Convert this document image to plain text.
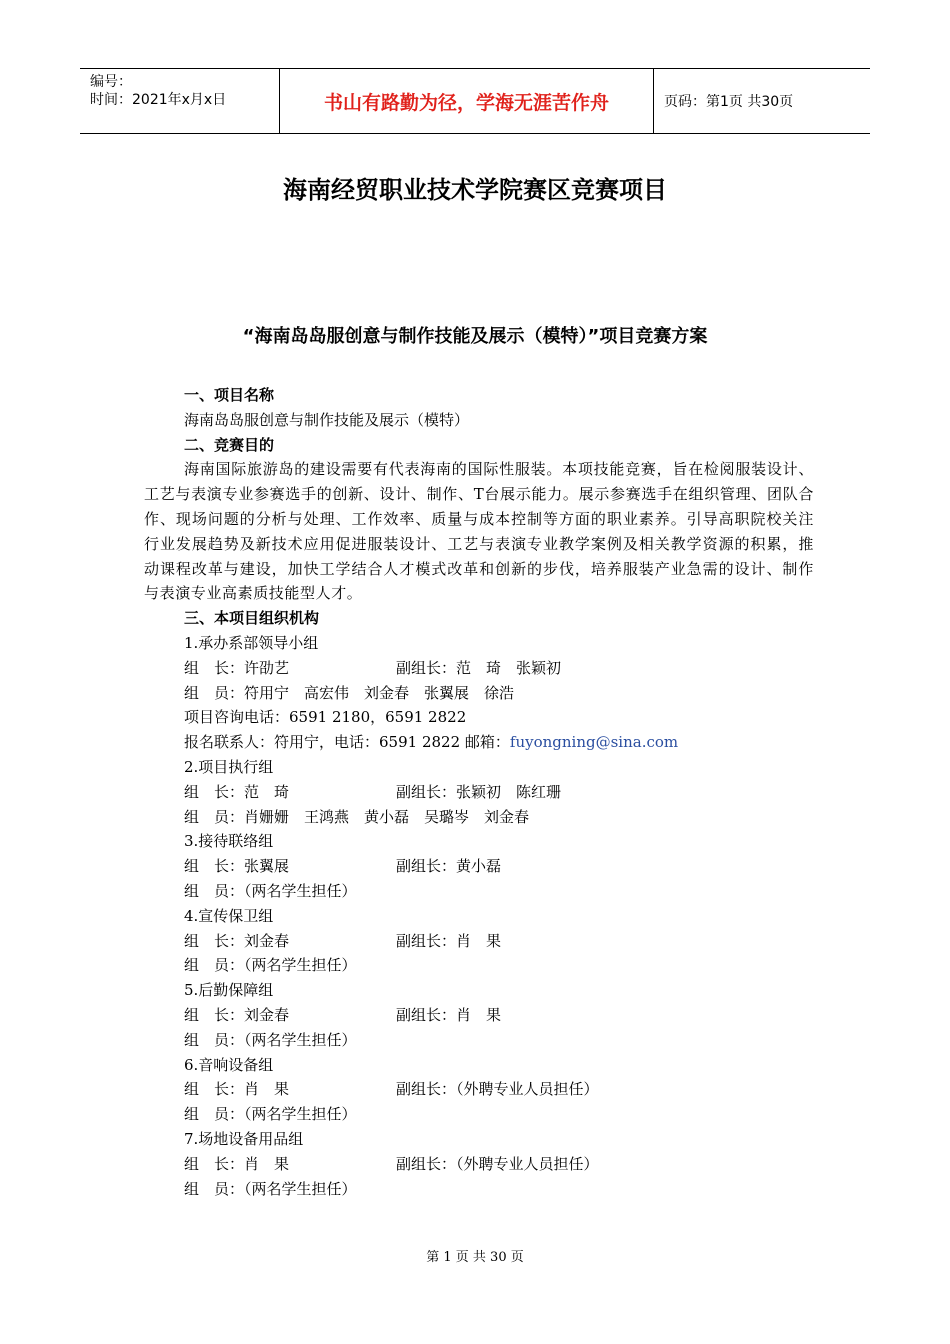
编号：
时间：2021年x月x日	书山有路勤为径，学海无涯苦作舟	页码：第1页 共30页
海南经贸职业技术学院赛区竞赛项目
“海南岛岛服创意与制作技能及展示（模特）”项目竞赛方案
一、项目名称
海南岛岛服创意与制作技能及展示（模特）
二、竞赛目的
海南国际旅游岛的建设需要有代表海南的国际性服装。本项技能竞赛，旨在检阅服装设计、工艺与表演专业参赛选手的创新、设计、制作、T台展示能力。展示参赛选手在组织管理、团队合作、现场问题的分析与处理、工作效率、质量与成本控制等方面的职业素养。引导高职院校关注行业发展趋势及新技术应用促进服装设计、工艺与表演专业教学案例及相关教学资源的积累，推动课程改革与建设，加快工学结合人才模式改革和创新的步伐，培养服装产业急需的设计、制作与表演专业高素质技能型人才。
三、本项目组织机构
1.承办系部领导小组
组　长：许劭艺	副组长：范　琦　张颖初
组　员：符用宁　高宏伟　刘金春　张翼展　徐浩
项目咨询电话：6591 2180，6591 2822
报名联系人：符用宁，电话：6591 2822 邮箱：fuyongning@sina.com
2.项目执行组
组　长：范　琦	副组长：张颖初　陈红珊
组　员：肖姗姗　王鸿燕　黄小磊　吴璐岑　刘金春
3.接待联络组
组　长：张翼展	副组长：黄小磊
组　员：（两名学生担任）
4.宣传保卫组
组　长：刘金春	副组长：肖　果
组　员：（两名学生担任）
5.后勤保障组
组　长：刘金春	副组长：肖　果
组　员：（两名学生担任）
6.音响设备组
组　长：肖　果	副组长：（外聘专业人员担任）
组　员：（两名学生担任）
7.场地设备用品组
组　长：肖　果	副组长：（外聘专业人员担任）
组　员：（两名学生担任）
第 1 页 共 30 页
